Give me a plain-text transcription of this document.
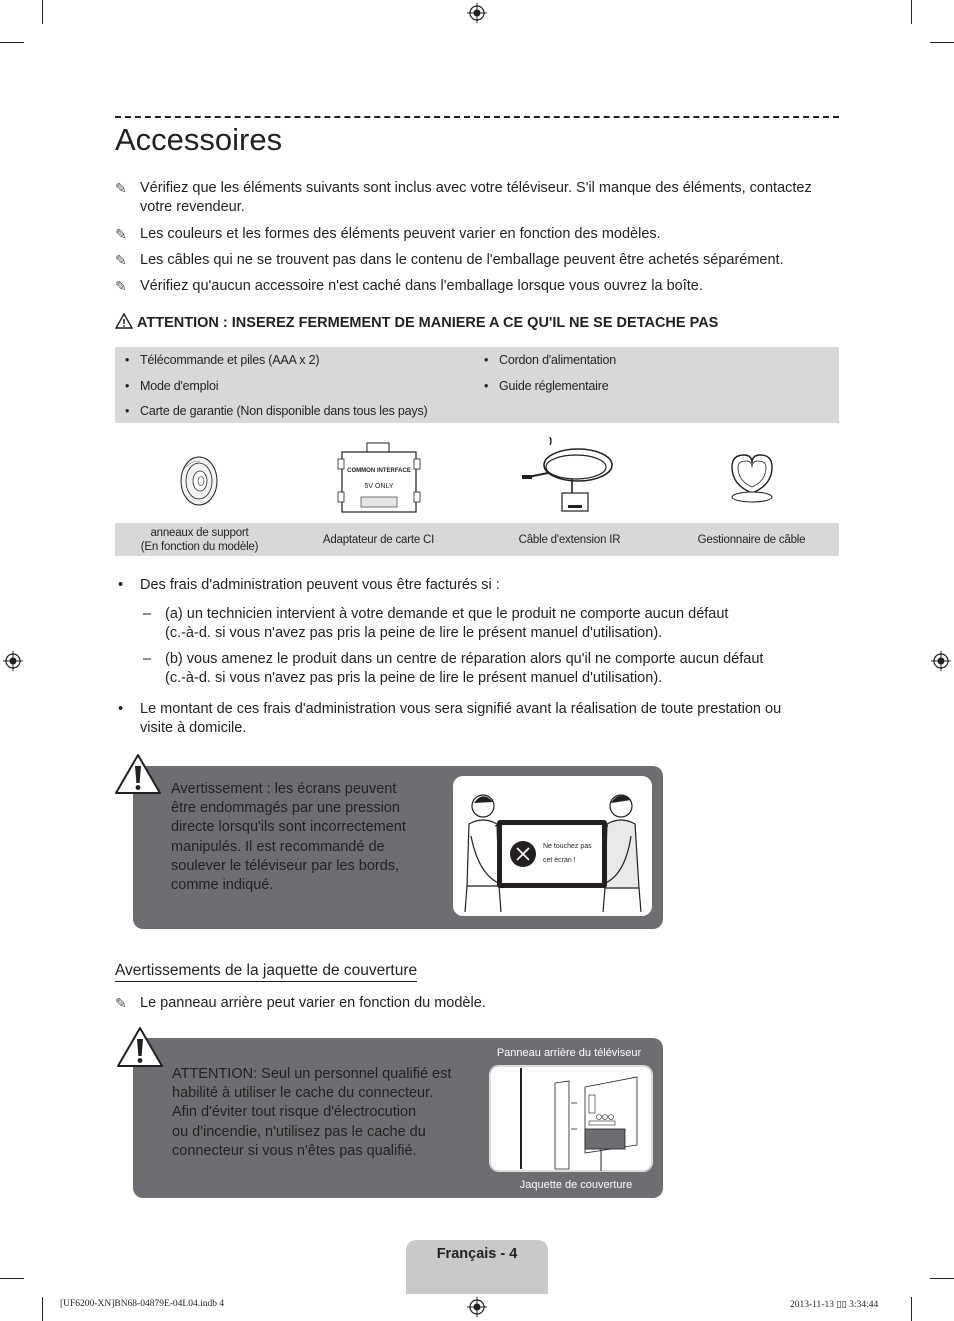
Accessoires
✎ Vérifiez que les éléments suivants sont inclus avec votre téléviseur. S'il manque des éléments, contactez votre revendeur.
✎ Les couleurs et les formes des éléments peuvent varier en fonction des modèles.
✎ Les câbles qui ne se trouvent pas dans le contenu de l'emballage peuvent être achetés séparément.
✎ Vérifiez qu'aucun accessoire n'est caché dans l'emballage lorsque vous ouvrez la boîte.
ATTENTION : INSEREZ FERMEMENT DE MANIERE A CE QU'IL NE SE DETACHE PAS
• Télécommande et piles (AAA x 2)
• Mode d'emploi
• Carte de garantie (Non disponible dans tous les pays)
• Cordon d'alimentation
• Guide réglementaire
COMMON INTERFACE
5V ONLY
anneaux de support
(En fonction du modèle)
Adaptateur de carte CI	Câble d'extension IR	Gestionnaire de câble
• Des frais d'administration peuvent vous être facturés si :
– (a) un technicien intervient à votre demande et que le produit ne comporte aucun défaut
(c.-à-d. si vous n'avez pas pris la peine de lire le présent manuel d'utilisation).
– (b) vous amenez le produit dans un centre de réparation alors qu'il ne comporte aucun défaut
(c.-à-d. si vous n'avez pas pris la peine de lire le présent manuel d'utilisation).
• Le montant de ces frais d'administration vous sera signifié avant la réalisation de toute prestation ou
visite à domicile.
Avertissement : les écrans peuvent
être endommagés par une pression
directe lorsqu'ils sont incorrectement
manipulés. Il est recommandé de
soulever le téléviseur par les bords,
comme indiqué.
Ne touchez pas
cet écran !
Avertissements de la jaquette de couverture
✎ Le panneau arrière peut varier en fonction du modèle.
ATTENTION: Seul un personnel qualifié est
habilité à utiliser le cache du connecteur.
Afin d'éviter tout risque d'électrocution
ou d'incendie, n'utilisez pas le cache du
connecteur si vous n'êtes pas qualifié.
Panneau arrière du téléviseur
Jaquette de couverture
Français - 4
[UF6200-XN]BN68-04879E-04L04.indb 4	2013-11-13 ▯▯ 3:34:44
